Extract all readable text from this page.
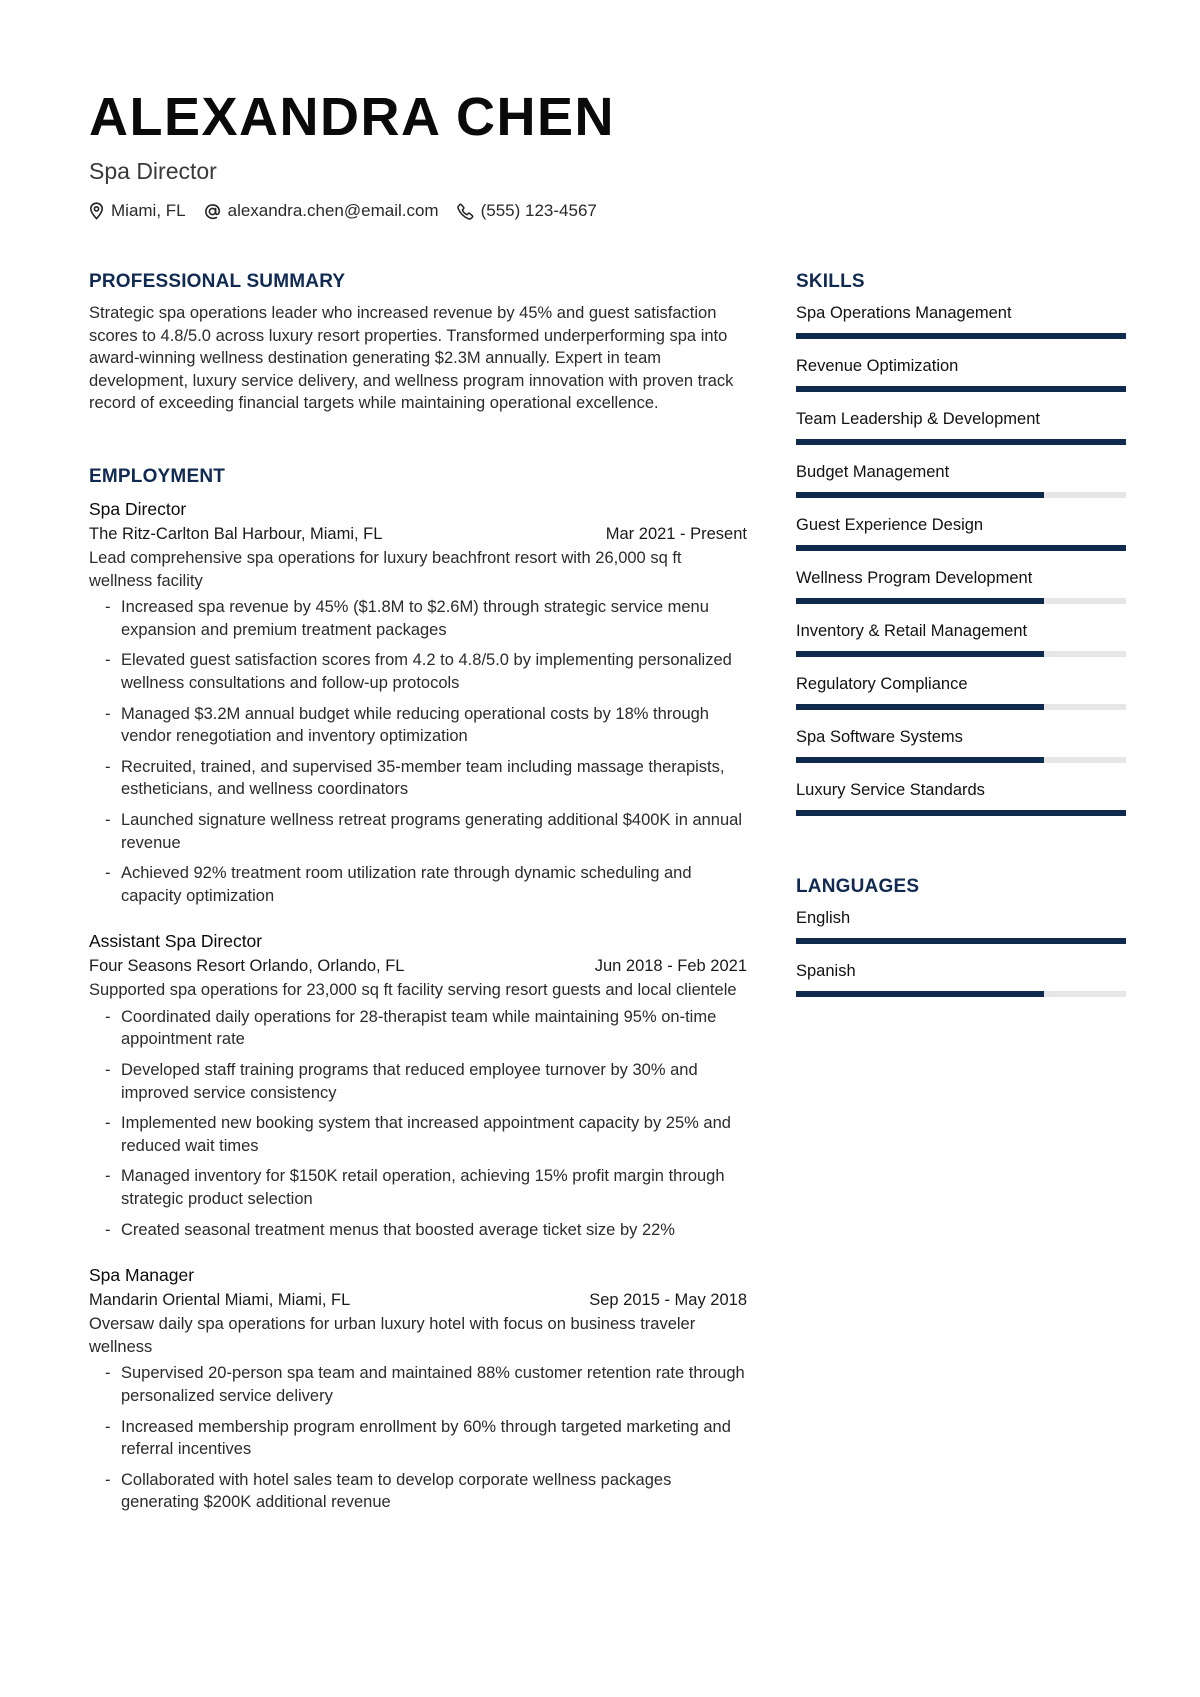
ALEXANDRA CHEN
Spa Director
Miami, FL alexandra.chen@email.com (555) 123-4567
PROFESSIONAL SUMMARY

Strategic spa operations leader who increased revenue by 45% and guest satisfaction scores to 4.8/5.0 across luxury resort properties. Transformed underperforming spa into award-winning wellness destination generating $2.3M annually. Expert in team development, luxury service delivery, and wellness program innovation with proven track record of exceeding financial targets while maintaining operational excellence.

EMPLOYMENT
Spa Director
The Ritz-Carlton Bal Harbour, Miami, FL	Mar 2021 - Present
Lead comprehensive spa operations for luxury beachfront resort with 26,000 sq ft wellness facility
- Increased spa revenue by 45% ($1.8M to $2.6M) through strategic service menu expansion and premium treatment packages
- Elevated guest satisfaction scores from 4.2 to 4.8/5.0 by implementing personalized wellness consultations and follow-up protocols
- Managed $3.2M annual budget while reducing operational costs by 18% through vendor renegotiation and inventory optimization
- Recruited, trained, and supervised 35-member team including massage therapists, estheticians, and wellness coordinators
- Launched signature wellness retreat programs generating additional $400K in annual revenue
- Achieved 92% treatment room utilization rate through dynamic scheduling and capacity optimization
Assistant Spa Director
Four Seasons Resort Orlando, Orlando, FL	Jun 2018 - Feb 2021
Supported spa operations for 23,000 sq ft facility serving resort guests and local clientele
- Coordinated daily operations for 28-therapist team while maintaining 95% on-time appointment rate
- Developed staff training programs that reduced employee turnover by 30% and improved service consistency
- Implemented new booking system that increased appointment capacity by 25% and reduced wait times
- Managed inventory for $150K retail operation, achieving 15% profit margin through strategic product selection
- Created seasonal treatment menus that boosted average ticket size by 22%
Spa Manager
Mandarin Oriental Miami, Miami, FL	Sep 2015 - May 2018
Oversaw daily spa operations for urban luxury hotel with focus on business traveler wellness
- Supervised 20-person spa team and maintained 88% customer retention rate through personalized service delivery
- Increased membership program enrollment by 60% through targeted marketing and referral incentives
- Collaborated with hotel sales team to develop corporate wellness packages generating $200K additional revenue
SKILLS
Spa Operations Management
Revenue Optimization
Team Leadership & Development
Budget Management
Guest Experience Design
Wellness Program Development
Inventory & Retail Management
Regulatory Compliance
Spa Software Systems
Luxury Service Standards
LANGUAGES
English
Spanish
